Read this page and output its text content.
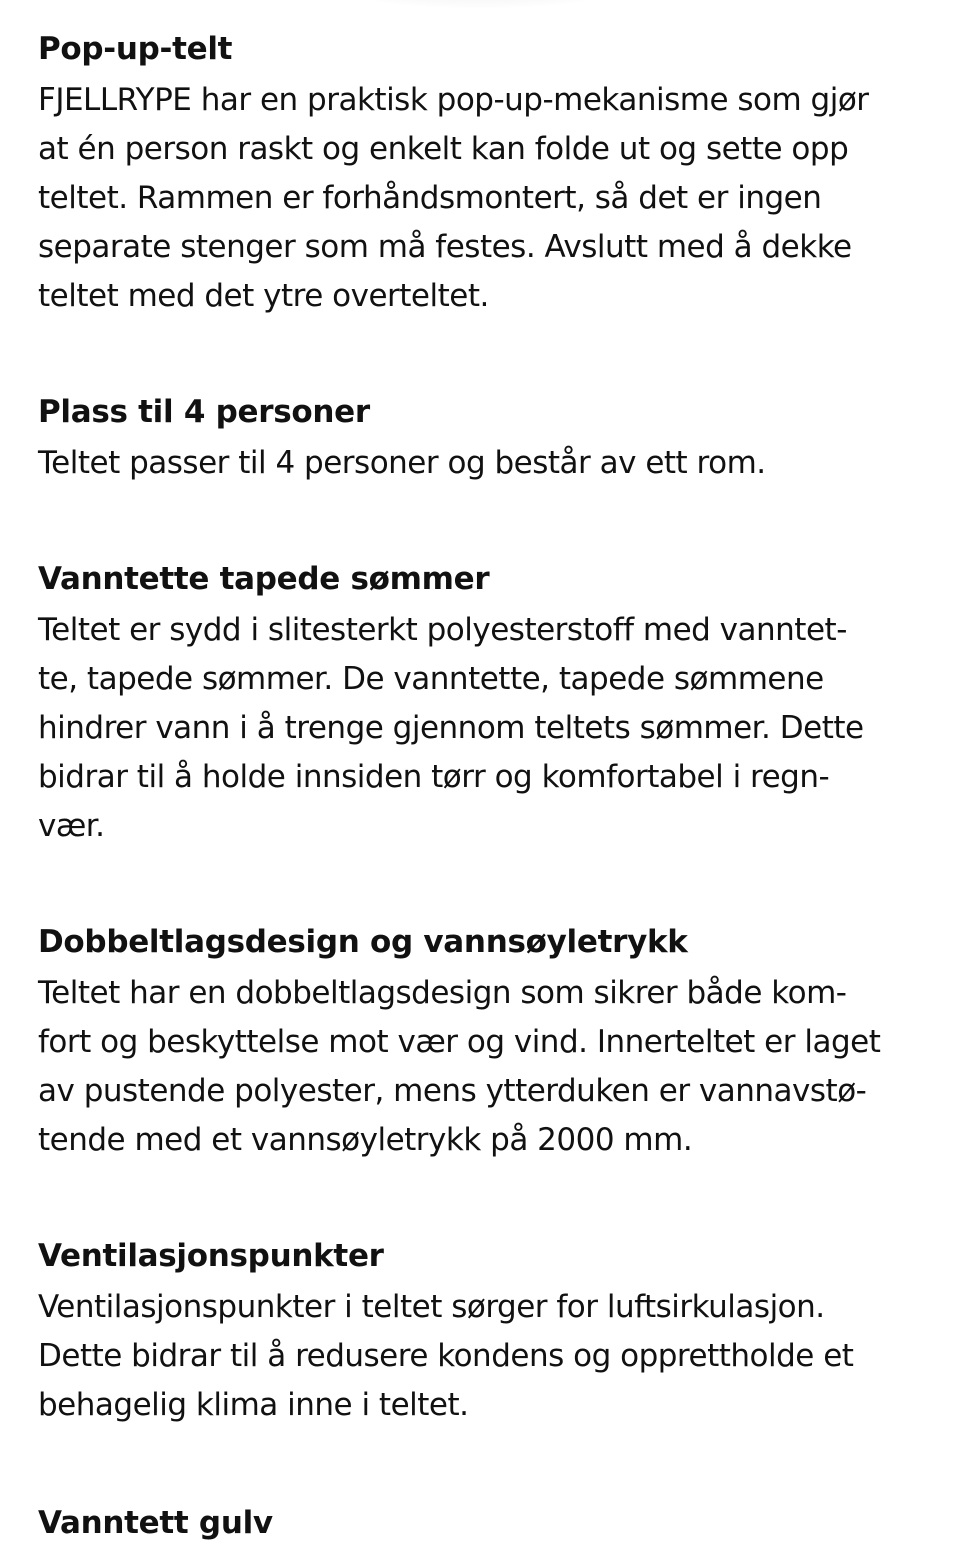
Pop-up-telt

FJELLRYPE har en praktisk pop-up-mekanisme som gjør
at én person raskt og enkelt kan folde ut og sette opp
teltet. Rammen er forhåndsmontert, så det er ingen
separate stenger som må festes. Avslutt med å dekke
teltet med det ytre overteltet.

Plass til 4 personer

Teltet passer til 4 personer og består av ett rom.

Vanntette tapede sømmer

Teltet er sydd i slitesterkt polyesterstoff med vanntet-
te, tapede sømmer. De vanntette, tapede sømmene
hindrer vann i å trenge gjennom teltets sømmer. Dette
bidrar til å holde innsiden tørr og komfortabel i regn-
vær.

Dobbeltlagsdesign og vannsøyletrykk

Teltet har en dobbeltlagsdesign som sikrer både kom-
fort og beskyttelse mot vær og vind. Innerteltet er laget
av pustende polyester, mens ytterduken er vannavstø-
tende med et vannsøyletrykk på 2000 mm.

Ventilasjonspunkter

Ventilasjonspunkter i teltet sørger for luftsirkulasjon.
Dette bidrar til å redusere kondens og opprettholde et
behagelig klima inne i teltet.

Vanntett gulv
